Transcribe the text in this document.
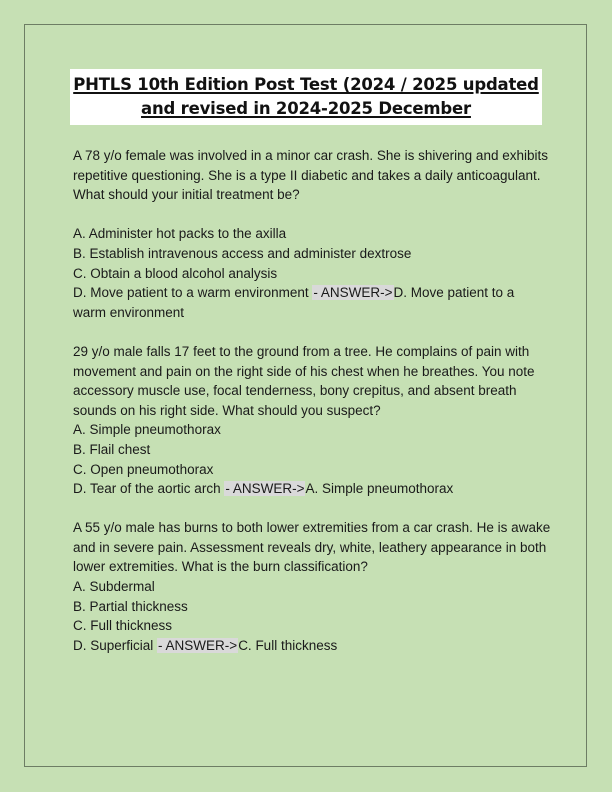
PHTLS 10th Edition Post Test (2024 / 2025 updated
and revised in 2024-2025 December

A 78 y/o female was involved in a minor car crash. She is shivering and exhibits repetitive questioning. She is a type II diabetic and takes a daily anticoagulant. What should your initial treatment be?

A. Administer hot packs to the axilla
B. Establish intravenous access and administer dextrose
C. Obtain a blood alcohol analysis

D. Move patient to a warm environment - ANSWER->D. Move patient to a warm environment

29 y/o male falls 17 feet to the ground from a tree. He complains of pain with movement and pain on the right side of his chest when he breathes. You note accessory muscle use, focal tenderness, bony crepitus, and absent breath sounds on his right side. What should you suspect?

A. Simple pneumothorax
B. Flail chest
C. Open pneumothorax

D. Tear of the aortic arch - ANSWER->A. Simple pneumothorax

A 55 y/o male has burns to both lower extremities from a car crash. He is awake and in severe pain. Assessment reveals dry, white, leathery appearance in both lower extremities. What is the burn classification?

A. Subdermal
B. Partial thickness
C. Full thickness

D. Superficial - ANSWER->C. Full thickness
